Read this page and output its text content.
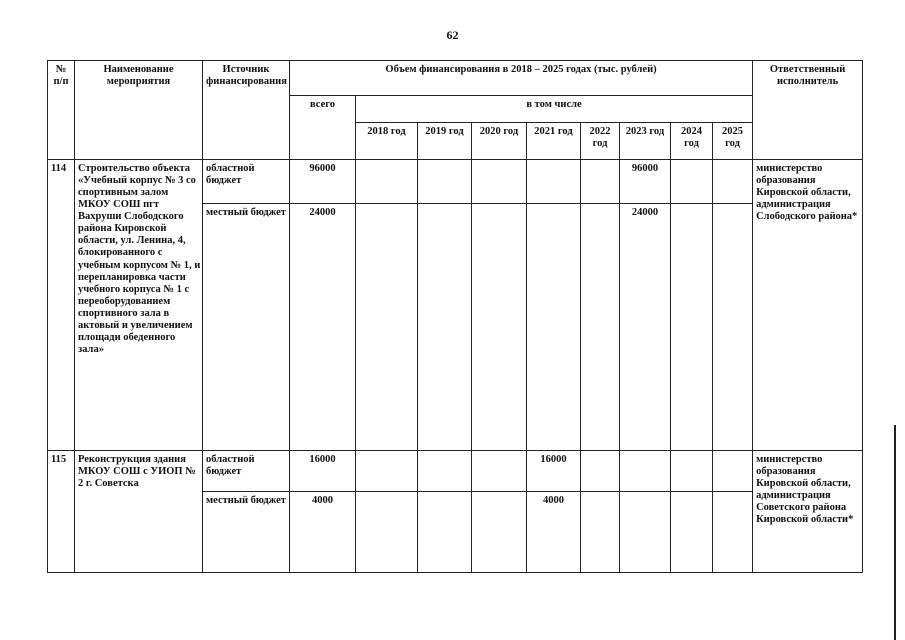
62
№ п/п	Наименование мероприятия	Источник финансирования	Объем финансирования в 2018 – 2025 годах (тыс. рублей)									Ответственный исполнитель
			всего	в том числе								
				2018 год	2019 год	2020 год	2021 год	2022 год	2023 год	2024 год	2025 год	
114	Строительство объекта «Учебный корпус № 3 со спортивным залом МКОУ СОШ пгт Вахруши Слободского района Кировской области, ул. Ленина, 4, блокированного с учебным корпусом № 1, и перепланировка части учебного корпуса № 1 с переоборудованием спортивного зала в актовый и увеличением площади обеденного зала»	областной бюджет	96000						96000			министерство образования Кировской области, администрация Слободского района*
		местный бюджет	24000						24000			
115	Реконструкция здания МКОУ СОШ с УИОП № 2 г. Советска	областной бюджет	16000				16000					министерство образования Кировской области, администрация Советского района Кировской области*
		местный бюджет	4000				4000					
